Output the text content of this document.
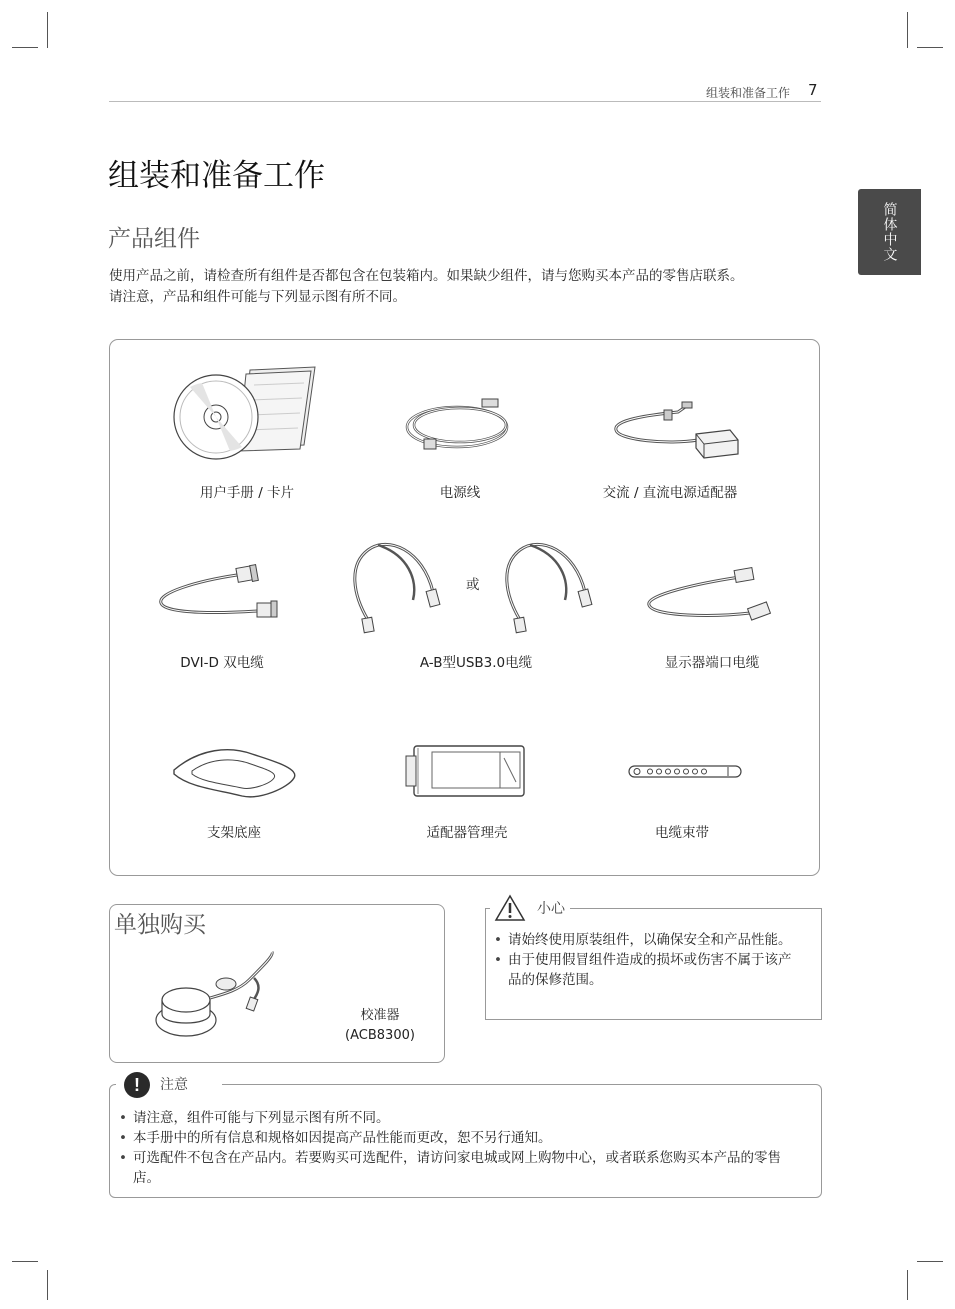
组装和准备工作 7
简体中文
组装和准备工作
产品组件

使用产品之前，请检查所有组件是否都包含在包装箱内。如果缺少组件，请与您购买本产品的零售店联系。

请注意，产品和组件可能与下列显示图有所不同。

用户手册 / 卡片	电源线	交流 / 直流电源适配器
DVI-D 双电缆
或
A-B型USB3.0电缆	显示器端口电缆
支架底座	适配器管理壳	电缆束带
单独购买
校准器
(ACB8300)
小心
• 请始终使用原装组件，以确保安全和产品性能。
• 由于使用假冒组件造成的损坏或伤害不属于该产品的保修范围。
!	注意
• 请注意，组件可能与下列显示图有所不同。
• 本手册中的所有信息和规格如因提高产品性能而更改，恕不另行通知。
• 可选配件不包含在产品内。若要购买可选配件，请访问家电城或网上购物中心，或者联系您购买本产品的零售店。
